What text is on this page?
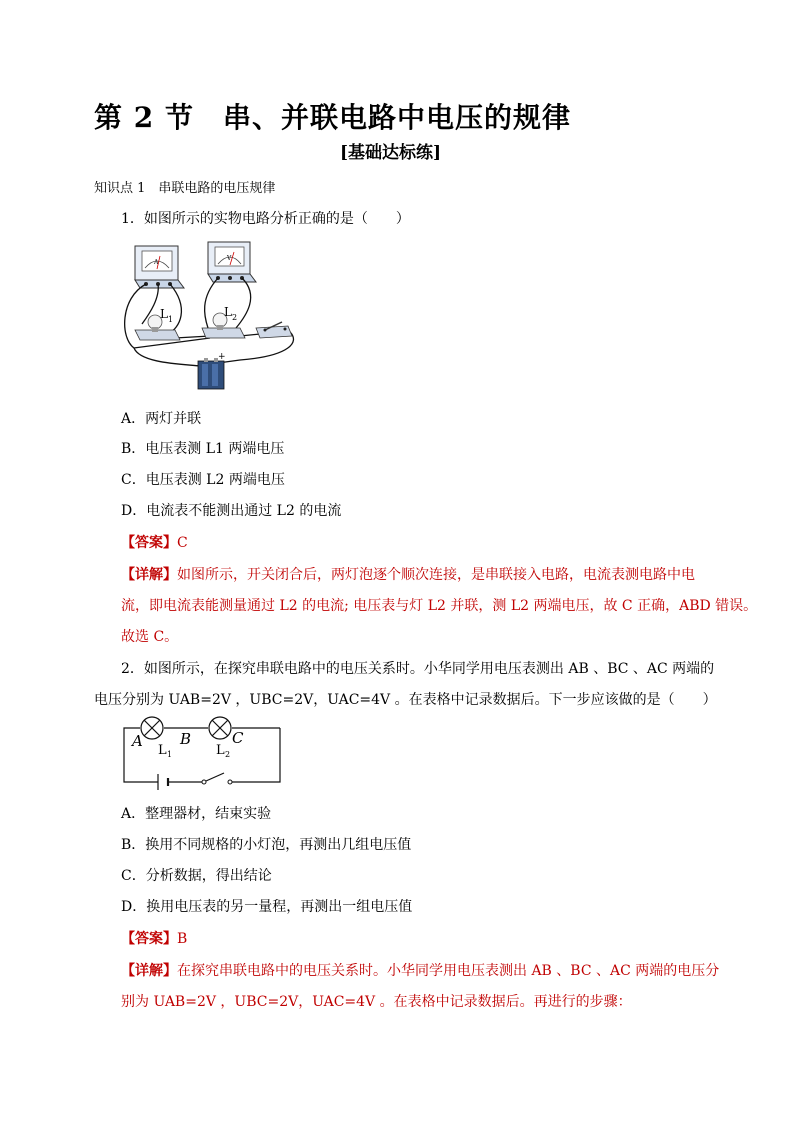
第 2 节　串、并联电路中电压的规律
[基础达标练]
知识点 1　串联电路的电压规律
1．如图所示的实物电路分析正确的是（　　）
A
V
L 1
L 2
+
A．两灯并联
B．电压表测 L1 两端电压
C．电压表测 L2 两端电压
D．电流表不能测出通过 L2 的电流
【答案】C
【详解】如图所示，开关闭合后，两灯泡逐个顺次连接，是串联接入电路，电流表测电路中电
流，即电流表能测量通过 L2 的电流; 电压表与灯 L2 并联，测 L2 两端电压，故 C 正确，ABD 错误。
故选 C。
2．如图所示，在探究串联电路中的电压关系时。小华同学用电压表测出 AB 、BC 、AC 两端的
电压分别为 UAB=2V ，UBC=2V，UAC=4V 。在表格中记录数据后。下一步应该做的是（　　）
A B	C
L 1	L 2
A．整理器材，结束实验
B．换用不同规格的小灯泡，再测出几组电压值
C．分析数据，得出结论
D．换用电压表的另一量程，再测出一组电压值
【答案】B
【详解】在探究串联电路中的电压关系时。小华同学用电压表测出 AB 、BC 、AC 两端的电压分
别为 UAB=2V ，UBC=2V，UAC=4V 。在表格中记录数据后。再进行的步骤：
